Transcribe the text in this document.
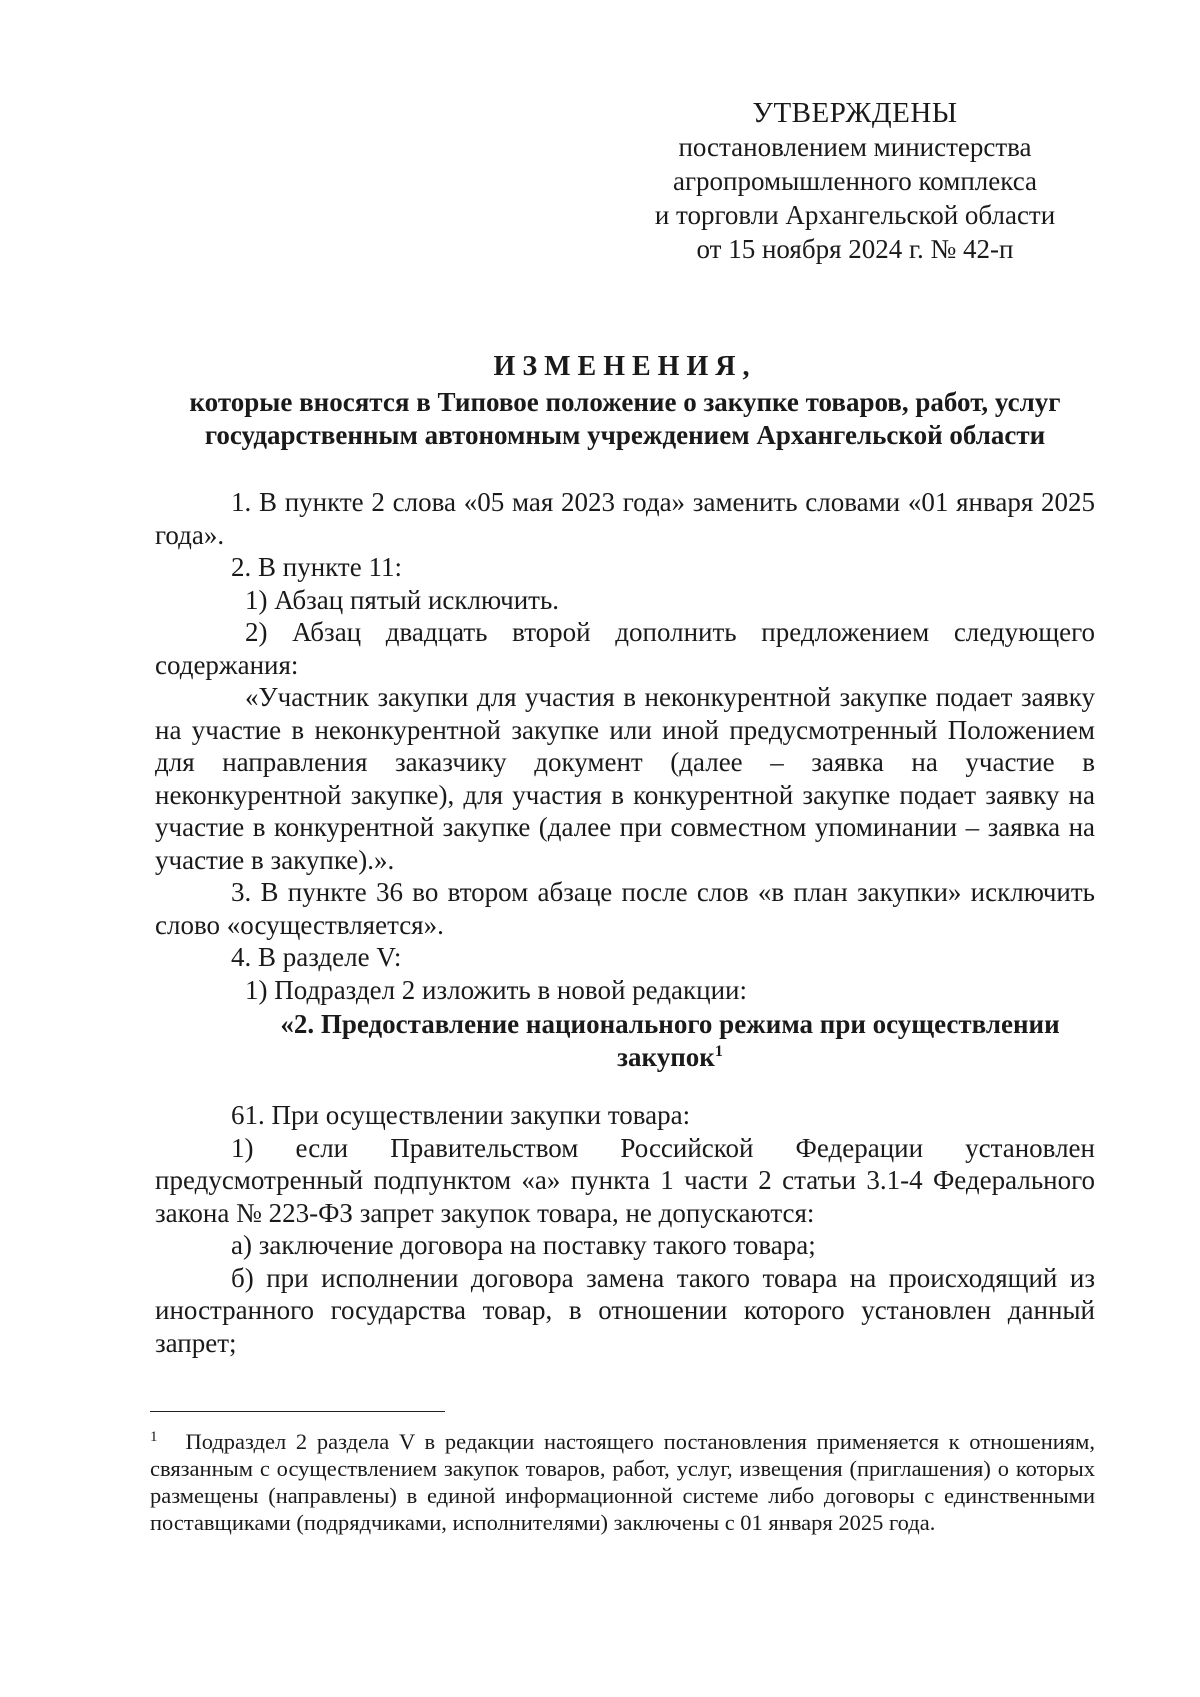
УТВЕРЖДЕНЫ
постановлением министерства
агропромышленного комплекса
и торговли Архангельской области
от 15 ноября 2024 г. № 42-п
ИЗМЕНЕНИЯ,
которые вносятся в Типовое положение о закупке товаров, работ, услуг
государственным автономным учреждением Архангельской области

1. В пункте 2 слова «05 мая 2023 года» заменить словами «01 января 2025 года».

2. В пункте 11:

1) Абзац пятый исключить.

2) Абзац двадцать второй дополнить предложением следующего содержания:

«Участник закупки для участия в неконкурентной закупке подает заявку на участие в неконкурентной закупке или иной предусмотренный Положением для направления заказчику документ (далее – заявка на участие в неконкурентной закупке), для участия в конкурентной закупке подает заявку на участие в конкурентной закупке (далее при совместном упоминании – заявка на участие в закупке).».

3. В пункте 36 во втором абзаце после слов «в план закупки» исключить слово «осуществляется».

4. В разделе V:

1) Подраздел 2 изложить в новой редакции:

«2. Предоставление национального режима при осуществлении закупок$^1$

61. При осуществлении закупки товара:

1) если Правительством Российской Федерации установлен предусмотренный подпунктом «а» пункта 1 части 2 статьи 3.1-4 Федерального закона № 223-ФЗ запрет закупок товара, не допускаются:

а) заключение договора на поставку такого товара;

б) при исполнении договора замена такого товара на происходящий из иностранного государства товар, в отношении которого установлен данный запрет;

$^1$ Подраздел 2 раздела V в редакции настоящего постановления применяется к отношениям, связанным с осуществлением закупок товаров, работ, услуг, извещения (приглашения) о которых размещены (направлены) в единой информационной системе либо договоры с единственными поставщиками (подрядчиками, исполнителями) заключены с 01 января 2025 года.
